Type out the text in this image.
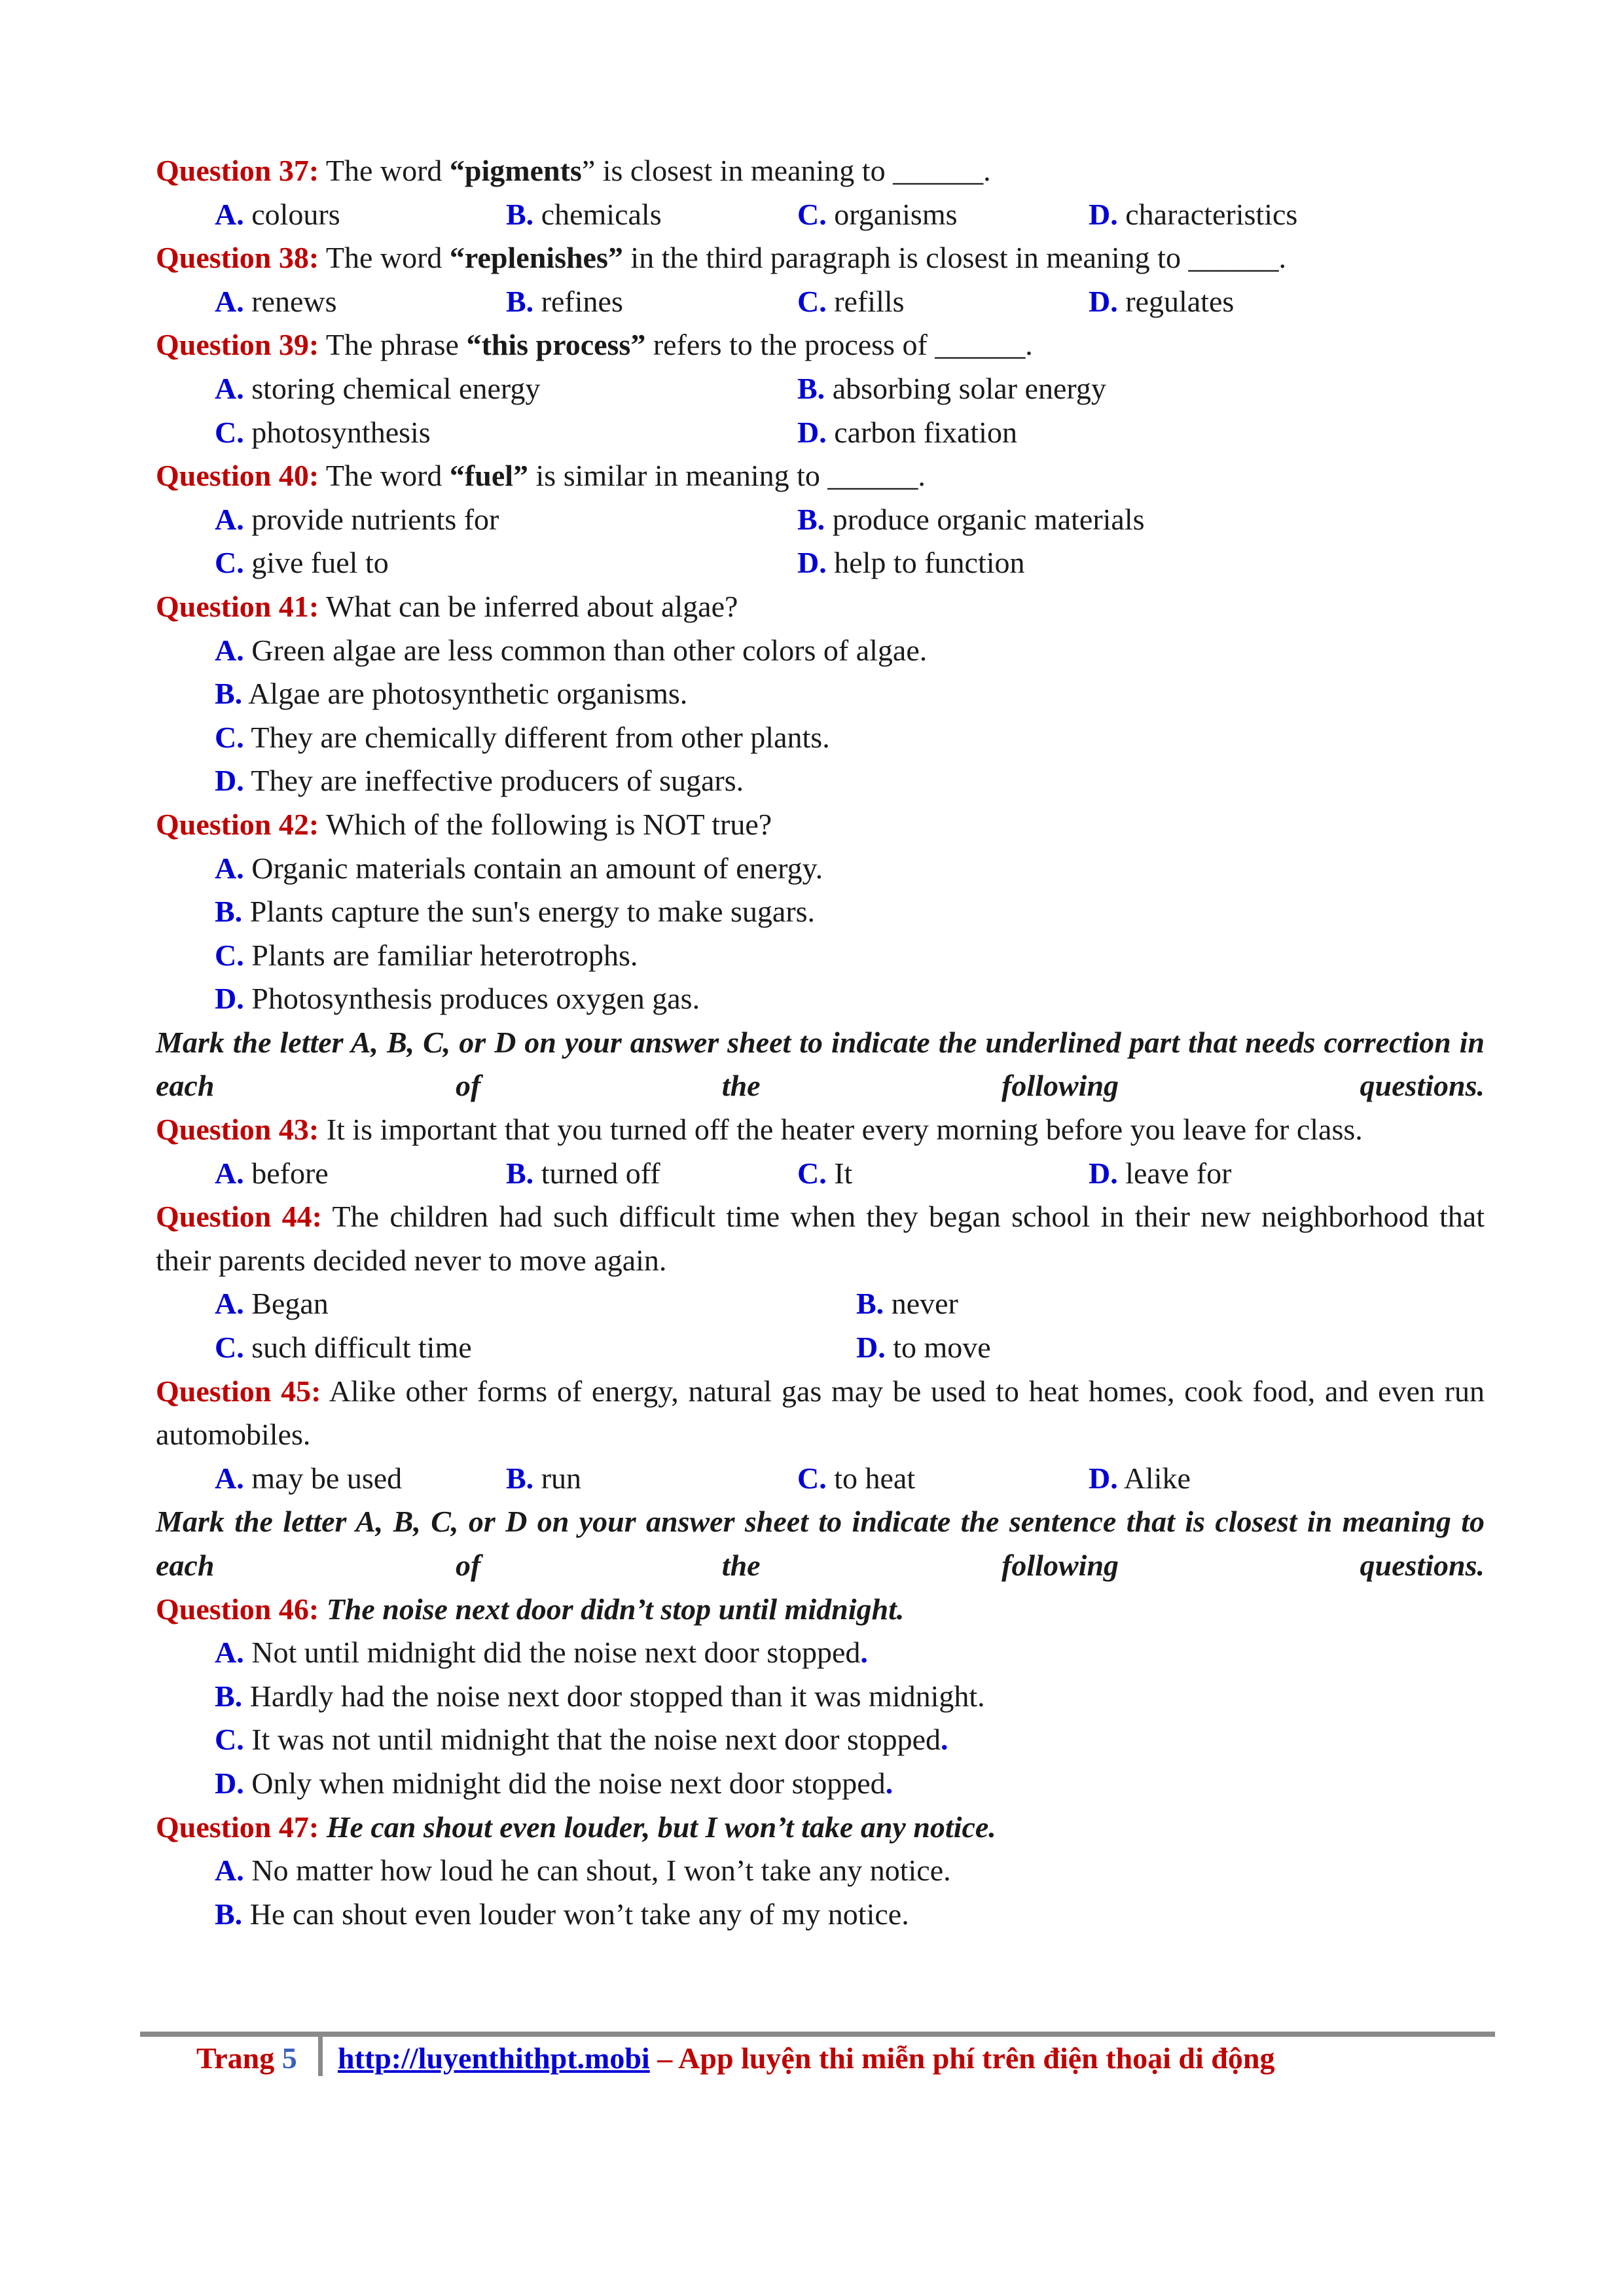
Question 37: The word “pigments” is closest in meaning to ______.
A. colours	B. chemicals	C. organisms	D. characteristics
Question 38: The word “replenishes” in the third paragraph is closest in meaning to ______.
A. renews	B. refines	C. refills	D. regulates
Question 39: The phrase “this process” refers to the process of ______.
A. storing chemical energy	B. absorbing solar energy
C. photosynthesis	D. carbon fixation
Question 40: The word “fuel” is similar in meaning to ______.
A. provide nutrients for	B. produce organic materials
C. give fuel to	D. help to function
Question 41: What can be inferred about algae?
A. Green algae are less common than other colors of algae.
B. Algae are photosynthetic organisms.
C. They are chemically different from other plants.
D. They are ineffective producers of sugars.
Question 42: Which of the following is NOT true?
A. Organic materials contain an amount of energy.
B. Plants capture the sun's energy to make sugars.
C. Plants are familiar heterotrophs.
D. Photosynthesis produces oxygen gas.
Mark the letter A, B, C, or D on your answer sheet to indicate the underlined part that needs correction in each of the following questions.
Question 43: It is important that you turned off the heater every morning before you leave for class.
A. before	B. turned off	C. It	D. leave for
Question 44: The children had such difficult time when they began school in their new neighborhood that their parents decided never to move again.
A. Began	B. never
C. such difficult time	D. to move
Question 45: Alike other forms of energy, natural gas may be used to heat homes, cook food, and even run automobiles.
A. may be used	B. run	C. to heat	D. Alike
Mark the letter A, B, C, or D on your answer sheet to indicate the sentence that is closest in meaning to each of the following questions.
Question 46: The noise next door didn’t stop until midnight.
A. Not until midnight did the noise next door stopped.
B. Hardly had the noise next door stopped than it was midnight.
C. It was not until midnight that the noise next door stopped.
D. Only when midnight did the noise next door stopped.
Question 47: He can shout even louder, but I won’t take any notice.
A. No matter how loud he can shout, I won’t take any notice.
B. He can shout even louder won’t take any of my notice.
Trang 5 http://luyenthithpt.mobi – App luyện thi miễn phí trên điện thoại di động
